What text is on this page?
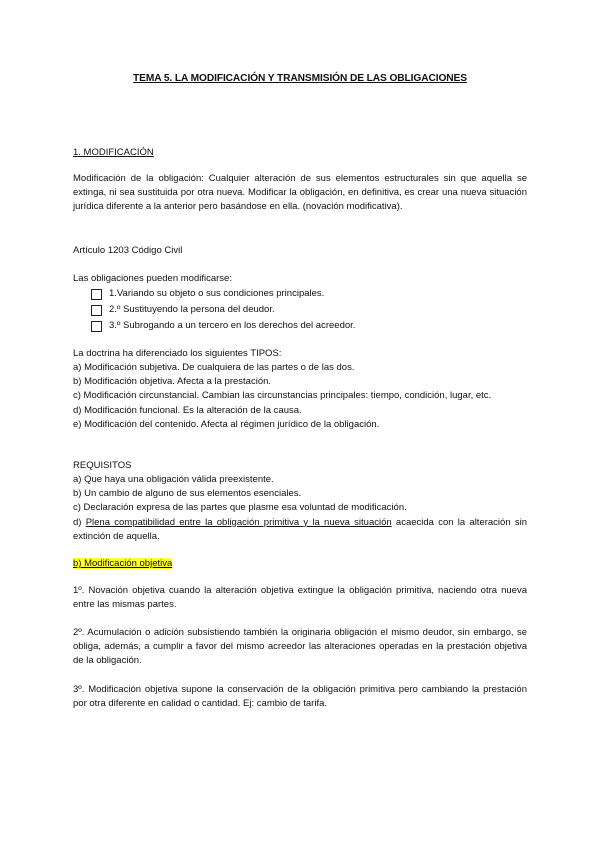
TEMA 5. LA MODIFICACIÓN Y TRANSMISIÓN DE LAS OBLIGACIONES
1. MODIFICACIÓN
Modificación de la obligación: Cualquier alteración de sus elementos estructurales sin que aquella se extinga, ni sea sustituida por otra nueva. Modificar la obligación, en definitiva, es crear una nueva situación jurídica diferente a la anterior pero basándose en ella. (novación modificativa).
Artículo 1203 Código Civil
Las obligaciones pueden modificarse:
1.Variando su objeto o sus condiciones principales.
2.º Sustituyendo la persona del deudor.
3.º Subrogando a un tercero en los derechos del acreedor.
La doctrina ha diferenciado los siguientes TIPOS:
a) Modificación subjetiva. De cualquiera de las partes o de las dos.
b) Modificación objetiva. Afecta a la prestación.
c) Modificación circunstancial. Cambian las circunstancias principales: tiempo, condición, lugar, etc.
d) Modificación funcional. Es la alteración de la causa.
e) Modificación del contenido. Afecta al régimen jurídico de la obligación.
REQUISITOS
a) Que haya una obligación válida preexistente.
b) Un cambio de alguno de sus elementos esenciales.
c) Declaración expresa de las partes que plasme esa voluntad de modificación.
d) Plena compatibilidad entre la obligación primitiva y la nueva situación acaecida con la alteración sin extinción de aquella.
b) Modificación objetiva
1º. Novación objetiva cuando la alteración objetiva extingue la obligación primitiva, naciendo otra nueva entre las mismas partes.
2º. Acumulación o adición subsistiendo también la originaria obligación el mismo deudor, sin embargo, se obliga, además, a cumplir a favor del mismo acreedor las alteraciones operadas en la prestación objetiva de la obligación.
3º. Modificación objetiva supone la conservación de la obligación primitiva pero cambiando la prestación por otra diferente en calidad o cantidad. Ej: cambio de tarifa.
